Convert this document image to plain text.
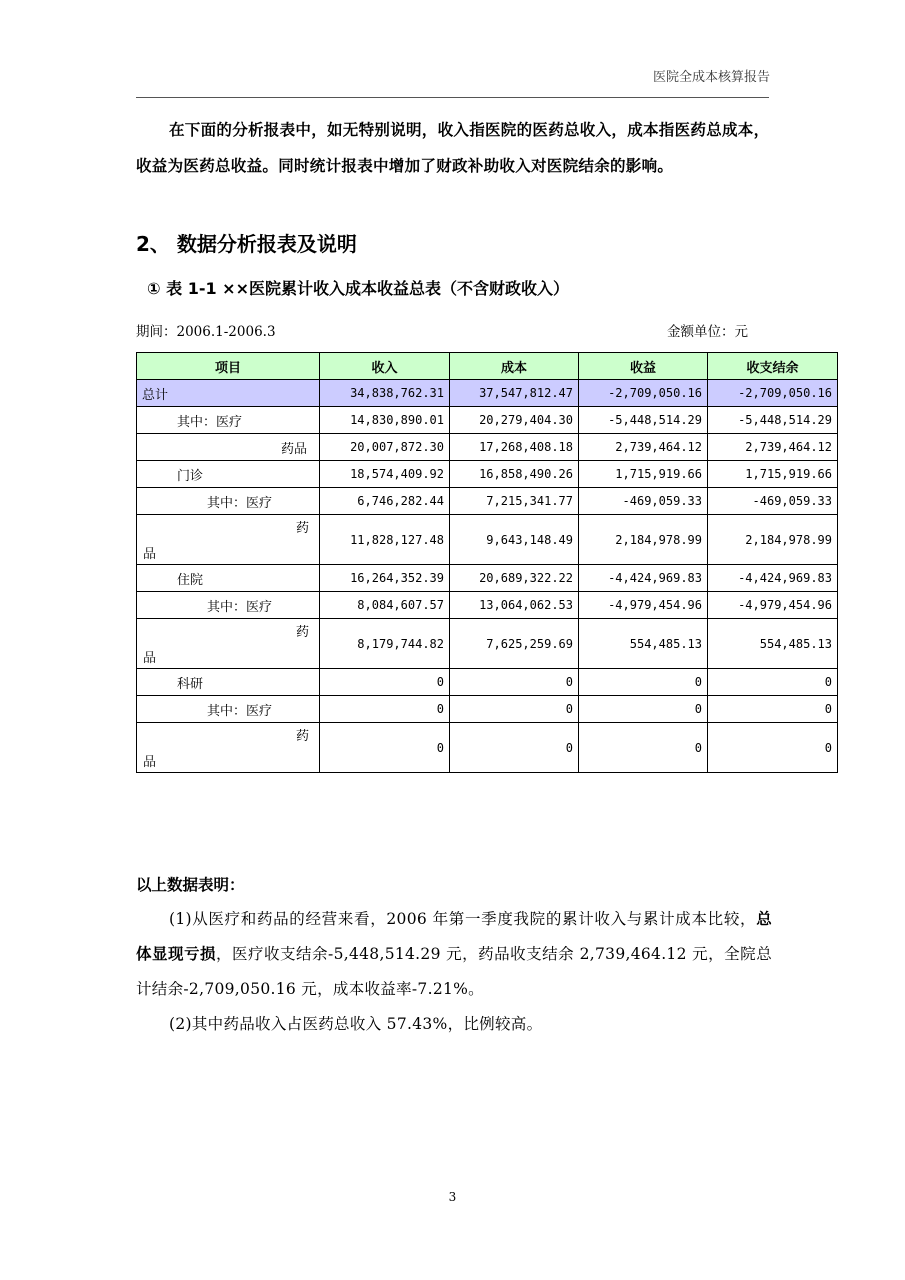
医院全成本核算报告
在下面的分析报表中，如无特别说明，收入指医院的医药总收入，成本指医药总成本，收益为医药总收益。同时统计报表中增加了财政补助收入对医院结余的影响。
2、 数据分析报表及说明
① 表 1-1 ××医院累计收入成本收益总表（不含财政收入）
期间：2006.1-2006.3	金额单位：元
项目	收入	成本	收益	收支结余
总计	34,838,762.31	37,547,812.47	-2,709,050.16	-2,709,050.16
其中：医疗	14,830,890.01	20,279,404.30	-5,448,514.29	-5,448,514.29
药品	20,007,872.30	17,268,408.18	2,739,464.12	2,739,464.12
门诊	18,574,409.92	16,858,490.26	1,715,919.66	1,715,919.66
其中：医疗	6,746,282.44	7,215,341.77	-469,059.33	-469,059.33

药
品	11,828,127.48	9,643,148.49	2,184,978.99	2,184,978.99
住院	16,264,352.39	20,689,322.22	-4,424,969.83	-4,424,969.83
其中：医疗	8,084,607.57	13,064,062.53	-4,979,454.96	-4,979,454.96

药
品	8,179,744.82	7,625,259.69	554,485.13	554,485.13
科研	0	0	0	0
其中：医疗	0	0	0	0

药
品	0	0	0	0
以上数据表明：

(1)从医疗和药品的经营来看，2006 年第一季度我院的累计收入与累计成本比较，总体显现亏损，医疗收支结余-5,448,514.29 元，药品收支结余 2,739,464.12 元，全院总计结余-2,709,050.16 元，成本收益率-7.21%。

(2)其中药品收入占医药总收入 57.43%，比例较高。

3
